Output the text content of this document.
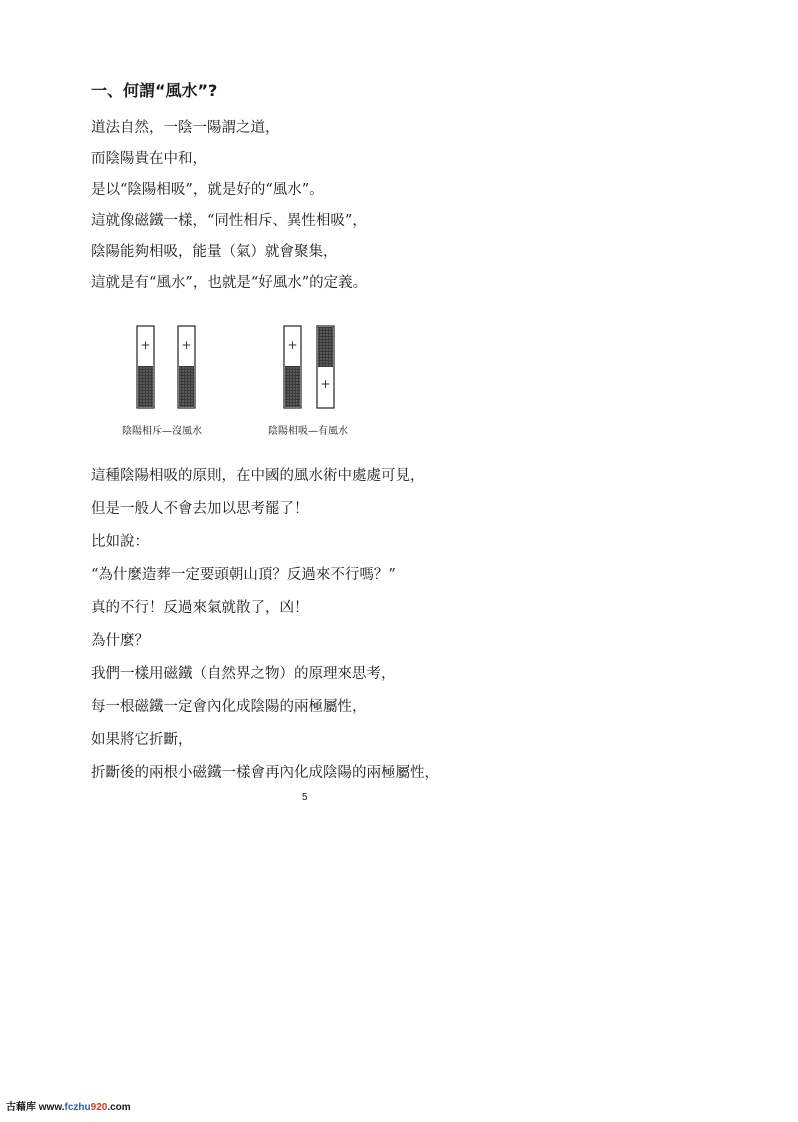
一、何謂“風水”?
道法自然，一陰一陽謂之道，
而陰陽貴在中和，
是以“陰陽相吸”，就是好的“風水”。
這就像磁鐵一樣，“同性相斥、異性相吸”，
陰陽能夠相吸，能量（氣）就會聚集，
這就是有“風水”，也就是“好風水”的定義。
+	+	+
+
陰陽相斥—沒風水	陰陽相吸—有風水
這種陰陽相吸的原則，在中國的風水術中處處可見，
但是一般人不會去加以思考罷了！
比如說：
“為什麼造葬一定要頭朝山頂？反過來不行嗎？”
真的不行！反過來氣就散了，凶！
為什麼？
我們一樣用磁鐵（自然界之物）的原理來思考，
每一根磁鐵一定會內化成陰陽的兩極屬性，
如果將它折斷，
折斷後的兩根小磁鐵一樣會再內化成陰陽的兩極屬性，
5
古藉库 www.fczhu920.com
